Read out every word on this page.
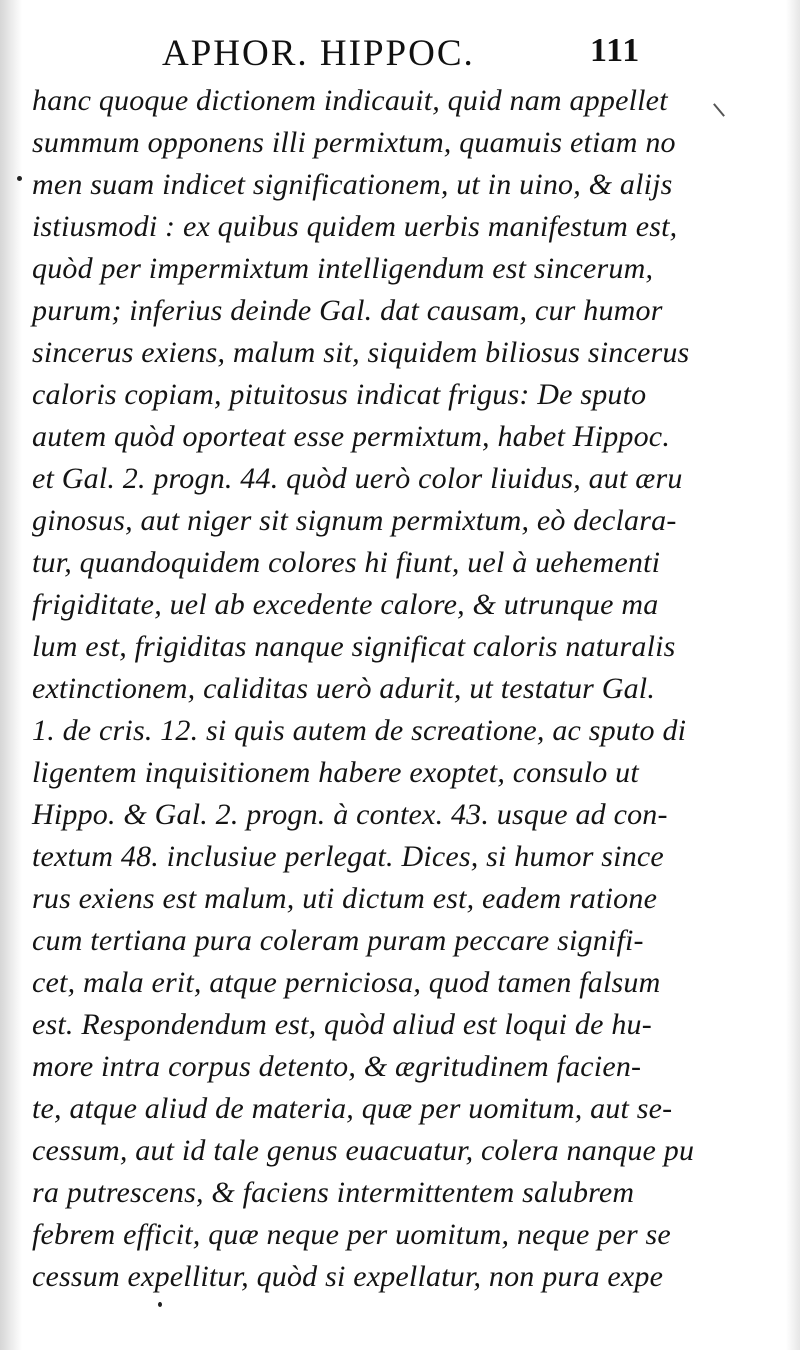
APHOR. HIPPOC.	111
hanc quoque dictionem indicauit, quid nam appellet
summum opponens illi permixtum, quamuis etiam no
men suam indicet significationem, ut in uino, & alijs
istiusmodi : ex quibus quidem uerbis manifestum est,
quòd per impermixtum intelligendum est sincerum,
purum; inferius deinde Gal. dat causam, cur humor
sincerus exiens, malum sit, siquidem biliosus sincerus
caloris copiam, pituitosus indicat frigus: De sputo
autem quòd oporteat esse permixtum, habet Hippoc.
et Gal. 2. progn. 44. quòd uerò color liuidus, aut æru
ginosus, aut niger sit signum permixtum, eò declara-
tur, quandoquidem colores hi fiunt, uel à uehementi
frigiditate, uel ab excedente calore, & utrunque ma
lum est, frigiditas nanque significat caloris naturalis
extinctionem, caliditas uerò adurit, ut testatur Gal.
1. de cris. 12. si quis autem de screatione, ac sputo di
ligentem inquisitionem habere exoptet, consulo ut
Hippo. & Gal. 2. progn. à contex. 43. usque ad con-
textum 48. inclusiue perlegat. Dices, si humor since
rus exiens est malum, uti dictum est, eadem ratione
cum tertiana pura coleram puram peccare signifi-
cet, mala erit, atque perniciosa, quod tamen falsum
est. Respondendum est, quòd aliud est loqui de hu-
more intra corpus detento, & ægritudinem facien-
te, atque aliud de materia, quæ per uomitum, aut se-
cessum, aut id tale genus euacuatur, colera nanque pu
ra putrescens, & faciens intermittentem salubrem
febrem efficit, quæ neque per uomitum, neque per se
cessum expellitur, quòd si expellatur, non pura expe
